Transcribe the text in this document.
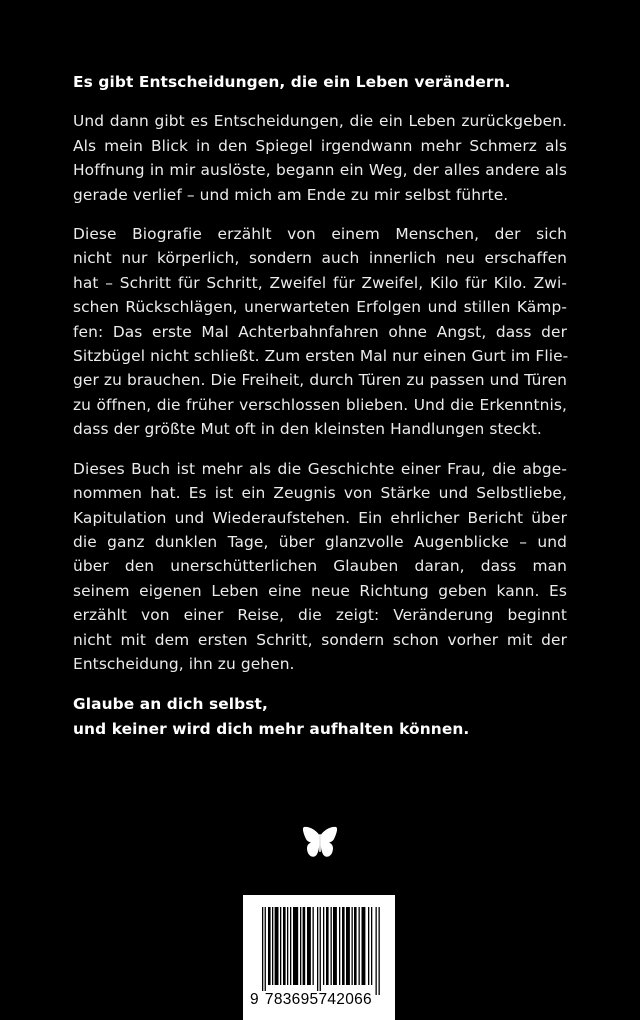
Es gibt Entscheidungen, die ein Leben verändern.

Und dann gibt es Entscheidungen, die ein Leben zurückgeben.
Als mein Blick in den Spiegel irgendwann mehr Schmerz als
Hoffnung in mir auslöste, begann ein Weg, der alles andere als
gerade verlief – und mich am Ende zu mir selbst führte.
Diese Biografie erzählt von einem Menschen, der sich
nicht nur körperlich, sondern auch innerlich neu erschaffen
hat – Schritt für Schritt, Zweifel für Zweifel, Kilo für Kilo. Zwi-
schen Rückschlägen, unerwarteten Erfolgen und stillen Kämp-
fen: Das erste Mal Achterbahnfahren ohne Angst, dass der
Sitzbügel nicht schließt. Zum ersten Mal nur einen Gurt im Flie-
ger zu brauchen. Die Freiheit, durch Türen zu passen und Türen
zu öffnen, die früher verschlossen blieben. Und die Erkenntnis,
dass der größte Mut oft in den kleinsten Handlungen steckt.
Dieses Buch ist mehr als die Geschichte einer Frau, die abge-
nommen hat. Es ist ein Zeugnis von Stärke und Selbstliebe,
Kapitulation und Wiederaufstehen. Ein ehrlicher Bericht über
die ganz dunklen Tage, über glanzvolle Augenblicke – und
über den unerschütterlichen Glauben daran, dass man
seinem eigenen Leben eine neue Richtung geben kann. Es
erzählt von einer Reise, die zeigt: Veränderung beginnt
nicht mit dem ersten Schritt, sondern schon vorher mit der
Entscheidung, ihn zu gehen.
Glaube an dich selbst,
und keiner wird dich mehr aufhalten können.
9 783695742066
